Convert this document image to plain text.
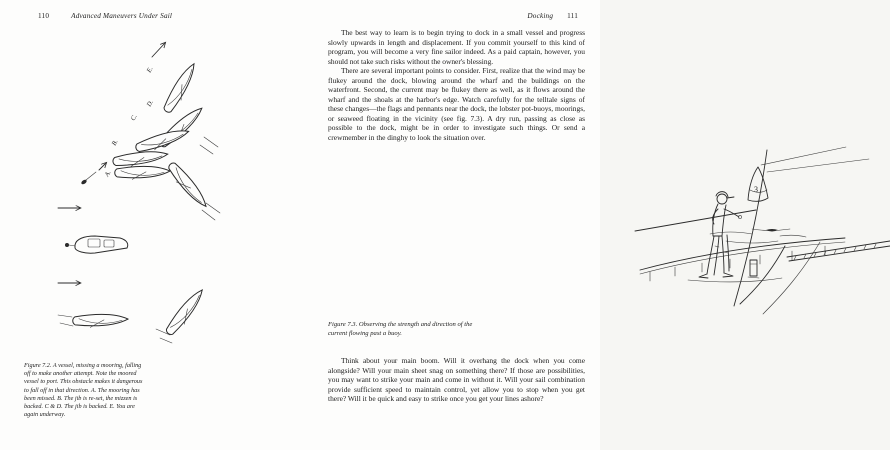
110	Advanced Maneuvers Under Sail
E.
D.
C.
B.
A.
Figure 7.2. A vessel, missing a mooring, falling off to make another attempt. Note the moored vessel to port. This obstacle makes it dangerous to fall off in that direction. A. The mooring has been missed. B. The jib is re-set, the mizzen is backed. C & D. The jib is backed. E. You are again underway.
Docking 111

The best way to learn is to begin trying to dock in a small vessel and progress slowly upwards in length and displacement. If you commit yourself to this kind of program, you will become a very fine sailor indeed. As a paid captain, however, you should not take such risks without the owner's blessing.

There are several important points to consider. First, realize that the wind may be flukey around the dock, blowing around the wharf and the buildings on the waterfront. Second, the current may be flukey there as well, as it flows around the wharf and the shoals at the harbor's edge. Watch carefully for the telltale signs of these changes—the flags and pennants near the dock, the lobster pot-buoys, moorings, or seaweed floating in the vicinity (see fig. 7.3). A dry run, passing as close as possible to the dock, might be in order to investigate such things. Or send a crewmember in the dinghy to look the situation over.

3
Figure 7.3. Observing the strength and direction of the current flowing past a buoy.

Think about your main boom. Will it overhang the dock when you come alongside? Will your main sheet snag on something there? If those are possibilities, you may want to strike your main and come in without it. Will your sail combination provide sufficient speed to maintain control, yet allow you to stop when you get there? Will it be quick and easy to strike once you get your lines ashore?
